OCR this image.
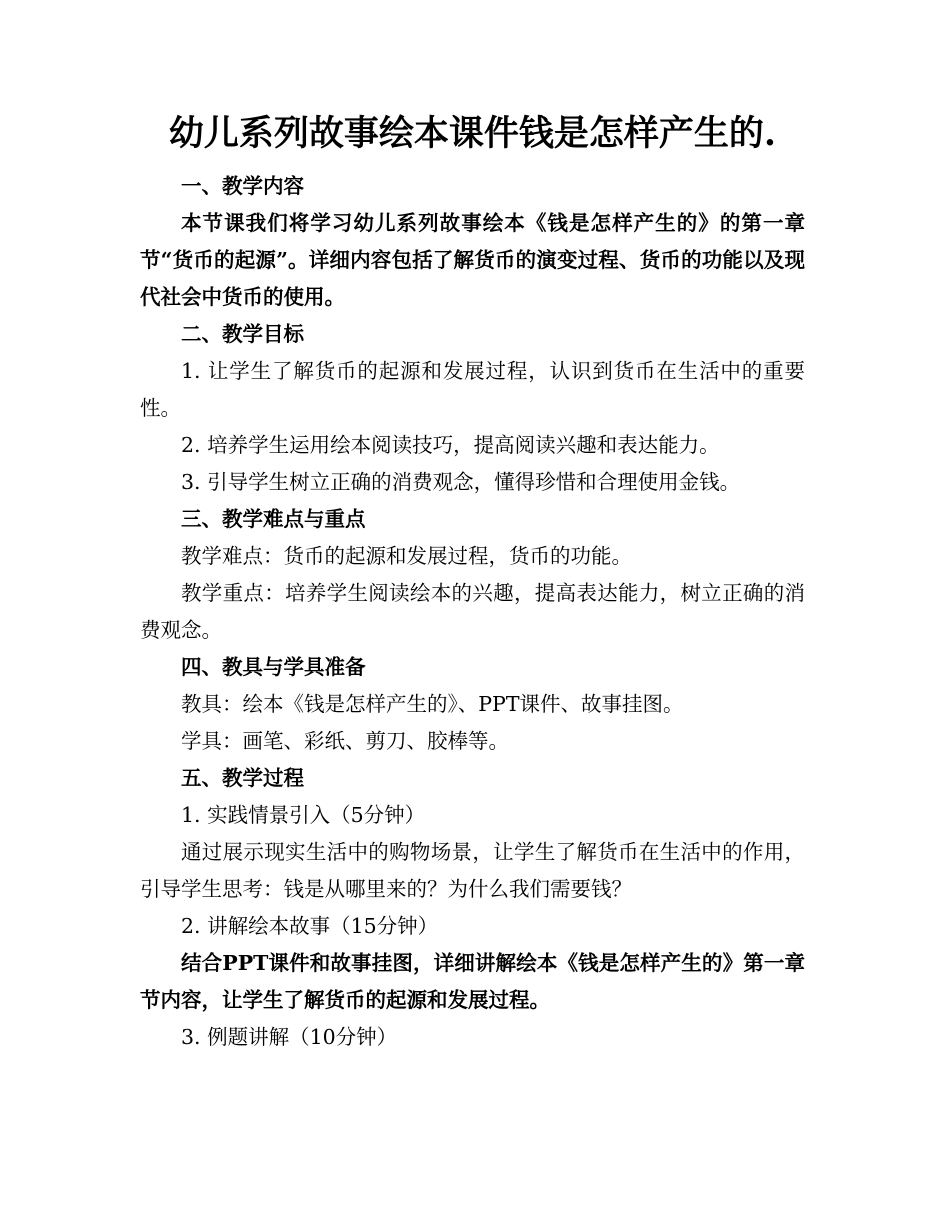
幼儿系列故事绘本课件钱是怎样产生的.

一、教学内容

本节课我们将学习幼儿系列故事绘本《钱是怎样产生的》的第一章节“货币的起源”。详细内容包括了解货币的演变过程、货币的功能以及现代社会中货币的使用。

二、教学目标

1. 让学生了解货币的起源和发展过程，认识到货币在生活中的重要性。

2. 培养学生运用绘本阅读技巧，提高阅读兴趣和表达能力。

3. 引导学生树立正确的消费观念，懂得珍惜和合理使用金钱。

三、教学难点与重点

教学难点：货币的起源和发展过程，货币的功能。

教学重点：培养学生阅读绘本的兴趣，提高表达能力，树立正确的消费观念。

四、教具与学具准备

教具：绘本《钱是怎样产生的》、PPT课件、故事挂图。

学具：画笔、彩纸、剪刀、胶棒等。

五、教学过程

1. 实践情景引入（5分钟）

通过展示现实生活中的购物场景，让学生了解货币在生活中的作用，引导学生思考：钱是从哪里来的？为什么我们需要钱？

2. 讲解绘本故事（15分钟）

结合PPT课件和故事挂图，详细讲解绘本《钱是怎样产生的》第一章节内容，让学生了解货币的起源和发展过程。

3. 例题讲解（10分钟）
